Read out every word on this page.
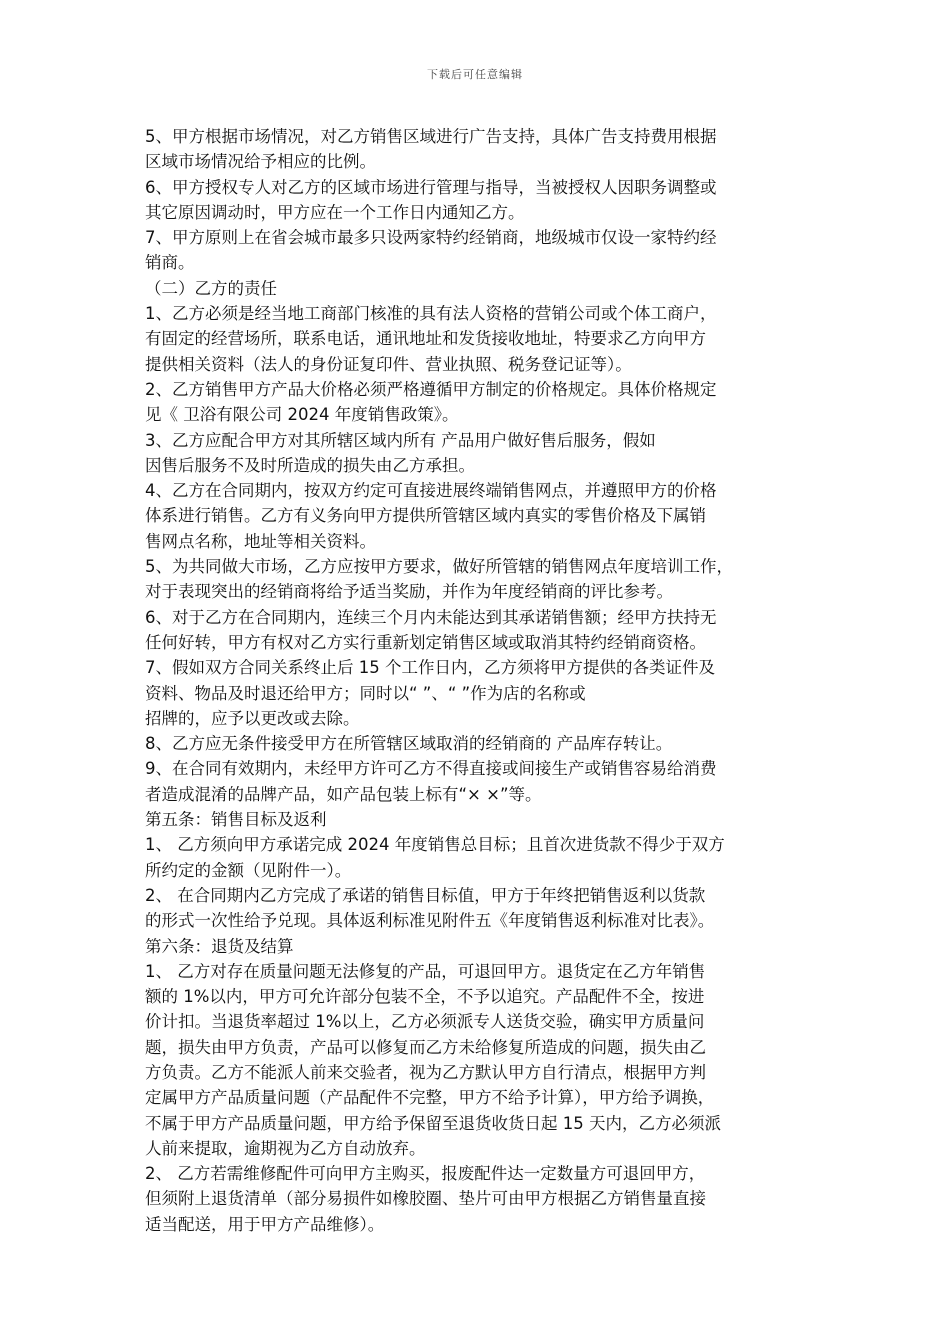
下载后可任意编辑
5、甲方根据市场情况，对乙方销售区域进行广告支持，具体广告支持费用根据
区域市场情况给予相应的比例。
6、甲方授权专人对乙方的区域市场进行管理与指导，当被授权人因职务调整或
其它原因调动时，甲方应在一个工作日内通知乙方。
7、甲方原则上在省会城市最多只设两家特约经销商，地级城市仅设一家特约经
销商。
（二）乙方的责任
1、乙方必须是经当地工商部门核准的具有法人资格的营销公司或个体工商户，
有固定的经营场所，联系电话，通讯地址和发货接收地址，特要求乙方向甲方
提供相关资料（法人的身份证复印件、营业执照、税务登记证等）。
2、乙方销售甲方产品大价格必须严格遵循甲方制定的价格规定。具体价格规定
见《 卫浴有限公司 2024 年度销售政策》。
3、乙方应配合甲方对其所辖区域内所有 产品用户做好售后服务，假如
因售后服务不及时所造成的损失由乙方承担。
4、乙方在合同期内，按双方约定可直接进展终端销售网点，并遵照甲方的价格
体系进行销售。乙方有义务向甲方提供所管辖区域内真实的零售价格及下属销
售网点名称，地址等相关资料。
5、为共同做大市场，乙方应按甲方要求，做好所管辖的销售网点年度培训工作，
对于表现突出的经销商将给予适当奖励，并作为年度经销商的评比参考。
6、对于乙方在合同期内，连续三个月内未能达到其承诺销售额；经甲方扶持无
任何好转，甲方有权对乙方实行重新划定销售区域或取消其特约经销商资格。
7、假如双方合同关系终止后 15 个工作日内，乙方须将甲方提供的各类证件及
资料、物品及时退还给甲方；同时以“ ”、“ ”作为店的名称或
招牌的，应予以更改或去除。
8、乙方应无条件接受甲方在所管辖区域取消的经销商的 产品库存转让。
9、在合同有效期内，未经甲方许可乙方不得直接或间接生产或销售容易给消费
者造成混淆的品牌产品，如产品包装上标有“× ×”等。
第五条：销售目标及返利
1、 乙方须向甲方承诺完成 2024 年度销售总目标；且首次进货款不得少于双方
所约定的金额（见附件一）。
2、 在合同期内乙方完成了承诺的销售目标值，甲方于年终把销售返利以货款
的形式一次性给予兑现。具体返利标准见附件五《年度销售返利标准对比表》。
第六条：退货及结算
1、 乙方对存在质量问题无法修复的产品，可退回甲方。退货定在乙方年销售
额的 1%以内，甲方可允许部分包装不全，不予以追究。产品配件不全，按进
价计扣。当退货率超过 1%以上，乙方必须派专人送货交验，确实甲方质量问
题，损失由甲方负责，产品可以修复而乙方未给修复所造成的问题，损失由乙
方负责。乙方不能派人前来交验者，视为乙方默认甲方自行清点，根据甲方判
定属甲方产品质量问题（产品配件不完整，甲方不给予计算），甲方给予调换，
不属于甲方产品质量问题，甲方给予保留至退货收货日起 15 天内，乙方必须派
人前来提取，逾期视为乙方自动放弃。
2、 乙方若需维修配件可向甲方主购买，报废配件达一定数量方可退回甲方，
但须附上退货清单（部分易损件如橡胶圈、垫片可由甲方根据乙方销售量直接
适当配送，用于甲方产品维修）。
